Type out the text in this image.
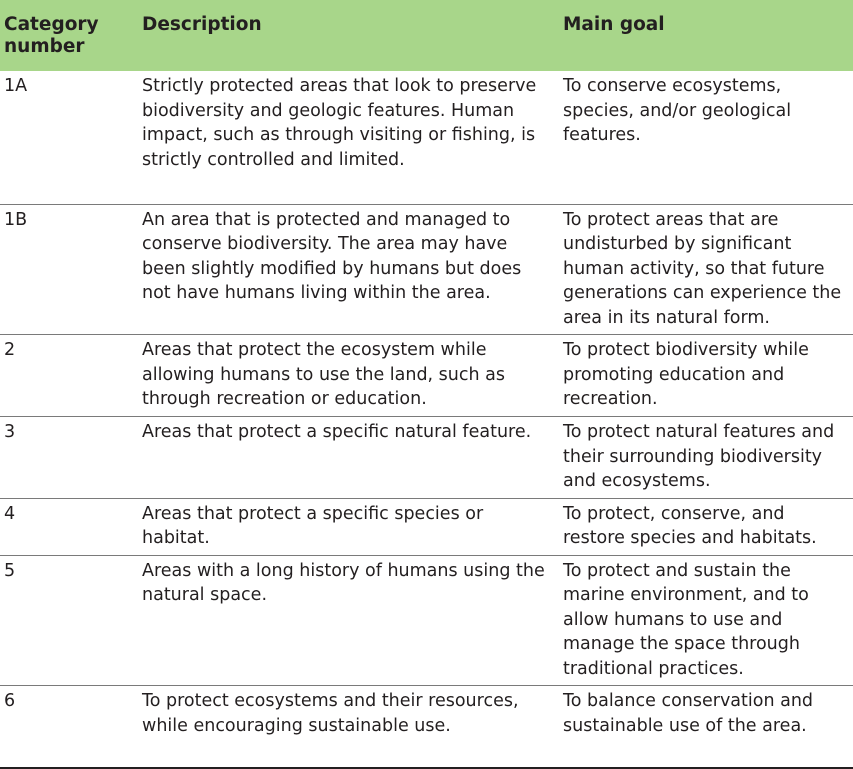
Category number	Description	Main goal
1A	Strictly protected areas that look to preserve biodiversity and geologic features. Human impact, such as through visiting or fishing, is strictly controlled and limited.	To conserve ecosystems, species, and/or geological features.
1B	An area that is protected and managed to conserve biodiversity. The area may have been slightly modified by humans but does not have humans living within the area.	To protect areas that are undisturbed by significant human activity, so that future generations can experience the area in its natural form.
2	Areas that protect the ecosystem while allowing humans to use the land, such as through recreation or education.	To protect biodiversity while promoting education and recreation.
3	Areas that protect a specific natural feature.	To protect natural features and their surrounding biodiversity and ecosystems.
4	Areas that protect a specific species or habitat.	To protect, conserve, and restore species and habitats.
5	Areas with a long history of humans using the natural space.	To protect and sustain the marine environment, and to allow humans to use and manage the space through traditional practices.
6	To protect ecosystems and their resources, while encouraging sustainable use.	To balance conservation and sustainable use of the area.
